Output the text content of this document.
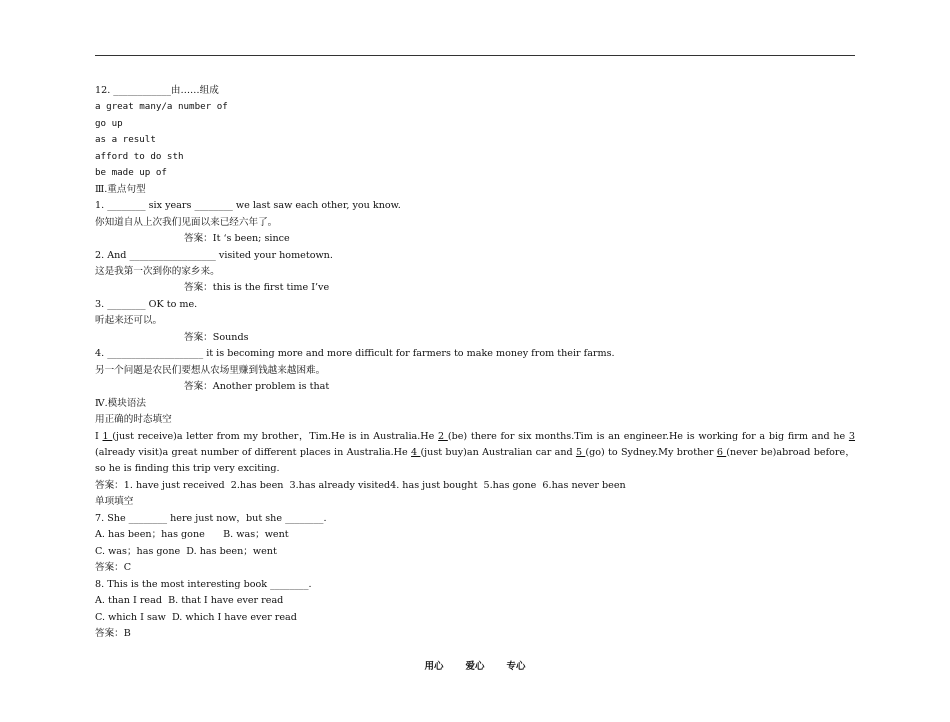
12. ____________由……组成
a great many/a number of
go up
as a result
afford to do sth
be made up of
Ⅲ.重点句型
1. ________ six years ________ we last saw each other, you know.
你知道自从上次我们见面以来已经六年了。
答案：It ‘s been; since
2. And __________________ visited your hometown.
这是我第一次到你的家乡来。
答案：this is the first time I’ve
3. ________ OK to me.
听起来还可以。
答案：Sounds
4. ____________________ it is becoming more and more difficult for farmers to make money from their farms.
另一个问题是农民们要想从农场里赚到钱越来越困难。
答案：Another problem is that
Ⅳ.模块语法
用正确的时态填空
I 1 (just receive)a letter from my brother，Tim.He is in Australia.He 2 (be) there for six months.Tim is an engineer.He is working for a big firm and he 3 (already visit)a great number of different places in Australia.He 4 (just buy)an Australian car and 5 (go) to Sydney.My brother 6 (never be)abroad before，so he is finding this trip very exciting.
答案：1. have just received  2.has been  3.has already visited4. has just bought  5.has gone  6.has never been
单项填空
7. She ________ here just now，but she ________.
A. has been；has gone      B. was；went
C. was；has gone  D. has been；went
答案：C
8. This is the most interesting book ________.
A. than I read  B. that I have ever read
C. which I saw  D. which I have ever read
答案：B
用心 爱心 专心
